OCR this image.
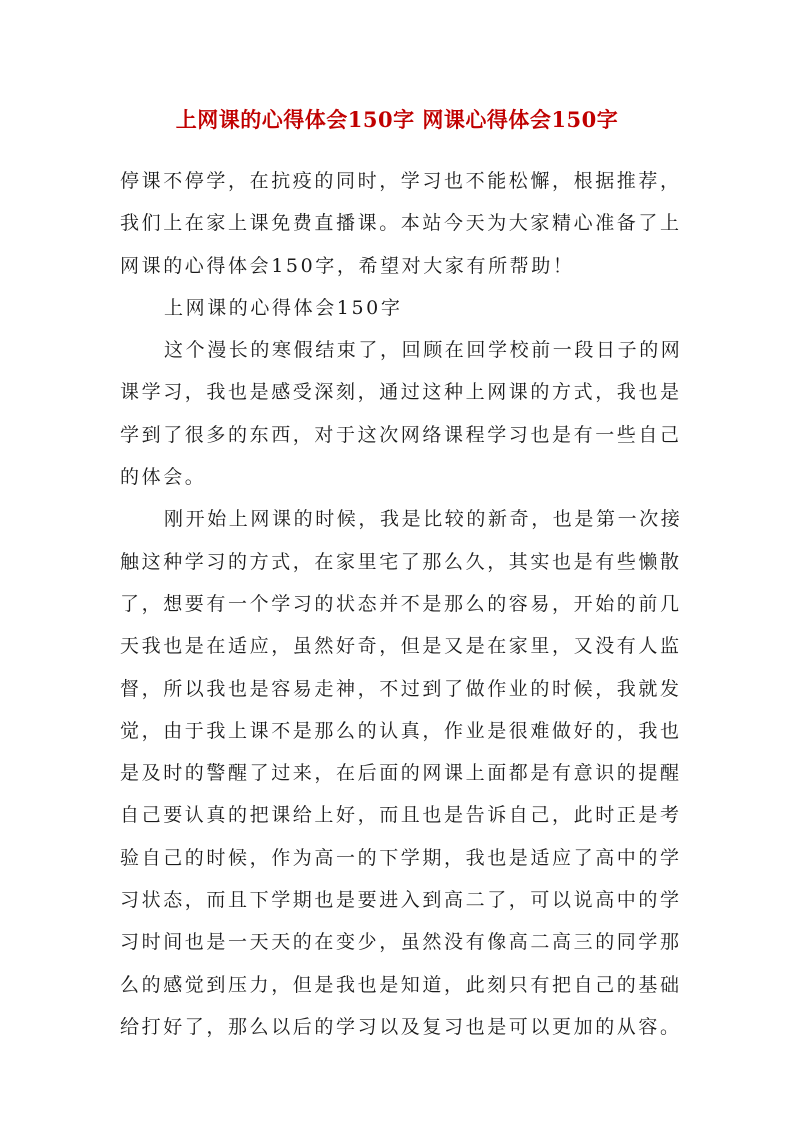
上网课的心得体会150字 网课心得体会150字

停课不停学，在抗疫的同时，学习也不能松懈，根据推荐，
我们上在家上课免费直播课。本站今天为大家精心准备了上
网课的心得体会150字，希望对大家有所帮助！

上网课的心得体会150字

这个漫长的寒假结束了，回顾在回学校前一段日子的网
课学习，我也是感受深刻，通过这种上网课的方式，我也是
学到了很多的东西，对于这次网络课程学习也是有一些自己
的体会。

刚开始上网课的时候，我是比较的新奇，也是第一次接
触这种学习的方式，在家里宅了那么久，其实也是有些懒散
了，想要有一个学习的状态并不是那么的容易，开始的前几
天我也是在适应，虽然好奇，但是又是在家里，又没有人监
督，所以我也是容易走神，不过到了做作业的时候，我就发
觉，由于我上课不是那么的认真，作业是很难做好的，我也
是及时的警醒了过来，在后面的网课上面都是有意识的提醒
自己要认真的把课给上好，而且也是告诉自己，此时正是考
验自己的时候，作为高一的下学期，我也是适应了高中的学
习状态，而且下学期也是要进入到高二了，可以说高中的学
习时间也是一天天的在变少，虽然没有像高二高三的同学那
么的感觉到压力，但是我也是知道，此刻只有把自己的基础
给打好了，那么以后的学习以及复习也是可以更加的从容。
